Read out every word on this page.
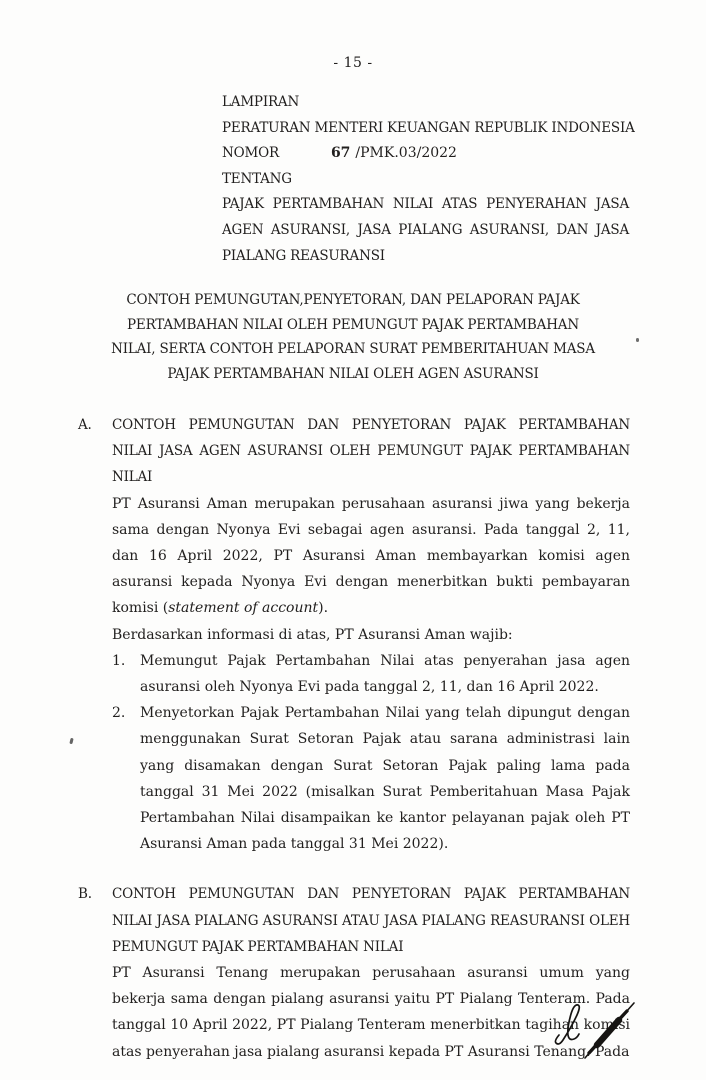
- 15 -
LAMPIRAN
PERATURAN MENTERI KEUANGAN REPUBLIK INDONESIA
NOMOR	67 /PMK.03/2022
TENTANG
PAJAK PERTAMBAHAN NILAI ATAS PENYERAHAN JASA AGEN ASURANSI, JASA PIALANG ASURANSI, DAN JASA PIALANG REASURANSI
CONTOH PEMUNGUTAN,PENYETORAN, DAN PELAPORAN PAJAK PERTAMBAHAN NILAI OLEH PEMUNGUT PAJAK PERTAMBAHAN NILAI, SERTA CONTOH PELAPORAN SURAT PEMBERITAHUAN MASA PAJAK PERTAMBAHAN NILAI OLEH AGEN ASURANSI
A.	CONTOH PEMUNGUTAN DAN PENYETORAN PAJAK PERTAMBAHAN NILAI JASA AGEN ASURANSI OLEH PEMUNGUT PAJAK PERTAMBAHAN NILAI

PT Asuransi Aman merupakan perusahaan asuransi jiwa yang bekerja sama dengan Nyonya Evi sebagai agen asuransi. Pada tanggal 2, 11, dan 16 April 2022, PT Asuransi Aman membayarkan komisi agen asuransi kepada Nyonya Evi dengan menerbitkan bukti pembayaran komisi (statement of account).

Berdasarkan informasi di atas, PT Asuransi Aman wajib:
1.	Memungut Pajak Pertambahan Nilai atas penyerahan jasa agen asuransi oleh Nyonya Evi pada tanggal 2, 11, dan 16 April 2022.
2.	Menyetorkan Pajak Pertambahan Nilai yang telah dipungut dengan menggunakan Surat Setoran Pajak atau sarana administrasi lain yang disamakan dengan Surat Setoran Pajak paling lama pada tanggal 31 Mei 2022 (misalkan Surat Pemberitahuan Masa Pajak Pertambahan Nilai disampaikan ke kantor pelayanan pajak oleh PT Asuransi Aman pada tanggal 31 Mei 2022).
B.	CONTOH PEMUNGUTAN DAN PENYETORAN PAJAK PERTAMBAHAN NILAI JASA PIALANG ASURANSI ATAU JASA PIALANG REASURANSI OLEH PEMUNGUT PAJAK PERTAMBAHAN NILAI

PT Asuransi Tenang merupakan perusahaan asuransi umum yang bekerja sama dengan pialang asuransi yaitu PT Pialang Tenteram. Pada tanggal 10 April 2022, PT Pialang Tenteram menerbitkan tagihan komisi atas penyerahan jasa pialang asuransi kepada PT Asuransi Tenang. Pada
